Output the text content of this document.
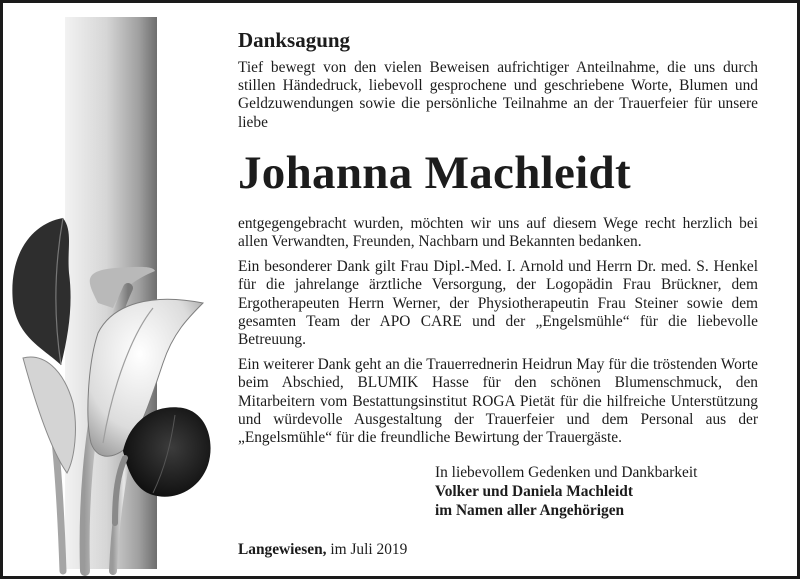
Danksagung

Tief bewegt von den vielen Beweisen aufrichtiger Anteilnahme, die uns durch stillen Händedruck, liebevoll gesprochene und geschriebene Worte, Blumen und Geldzuwendungen sowie die persönliche Teilnahme an der Trauerfeier für unsere liebe

Johanna Machleidt

entgegengebracht wurden, möchten wir uns auf diesem Wege recht herzlich bei allen Verwandten, Freunden, Nachbarn und Bekannten bedanken.

Ein besonderer Dank gilt Frau Dipl.-Med. I. Arnold und Herrn Dr. med. S. Henkel für die jahrelange ärztliche Versorgung, der Logopädin Frau Brückner, dem Ergotherapeuten Herrn Werner, der Physiotherapeutin Frau Steiner sowie dem gesamten Team der APO CARE und der „Engelsmühle“ für die liebevolle Betreuung.

Ein weiterer Dank geht an die Trauerrednerin Heidrun May für die tröstenden Worte beim Abschied, BLUMIK Hasse für den schönen Blumenschmuck, den Mitarbeitern vom Bestattungsinstitut ROGA Pietät für die hilfreiche Unterstützung und würdevolle Ausgestaltung der Trauerfeier und dem Personal aus der „Engelsmühle“ für die freundliche Bewirtung der Trauergäste.

In liebevollem Gedenken und Dankbarkeit
Volker und Daniela Machleidt
im Namen aller Angehörigen
Langewiesen, im Juli 2019
